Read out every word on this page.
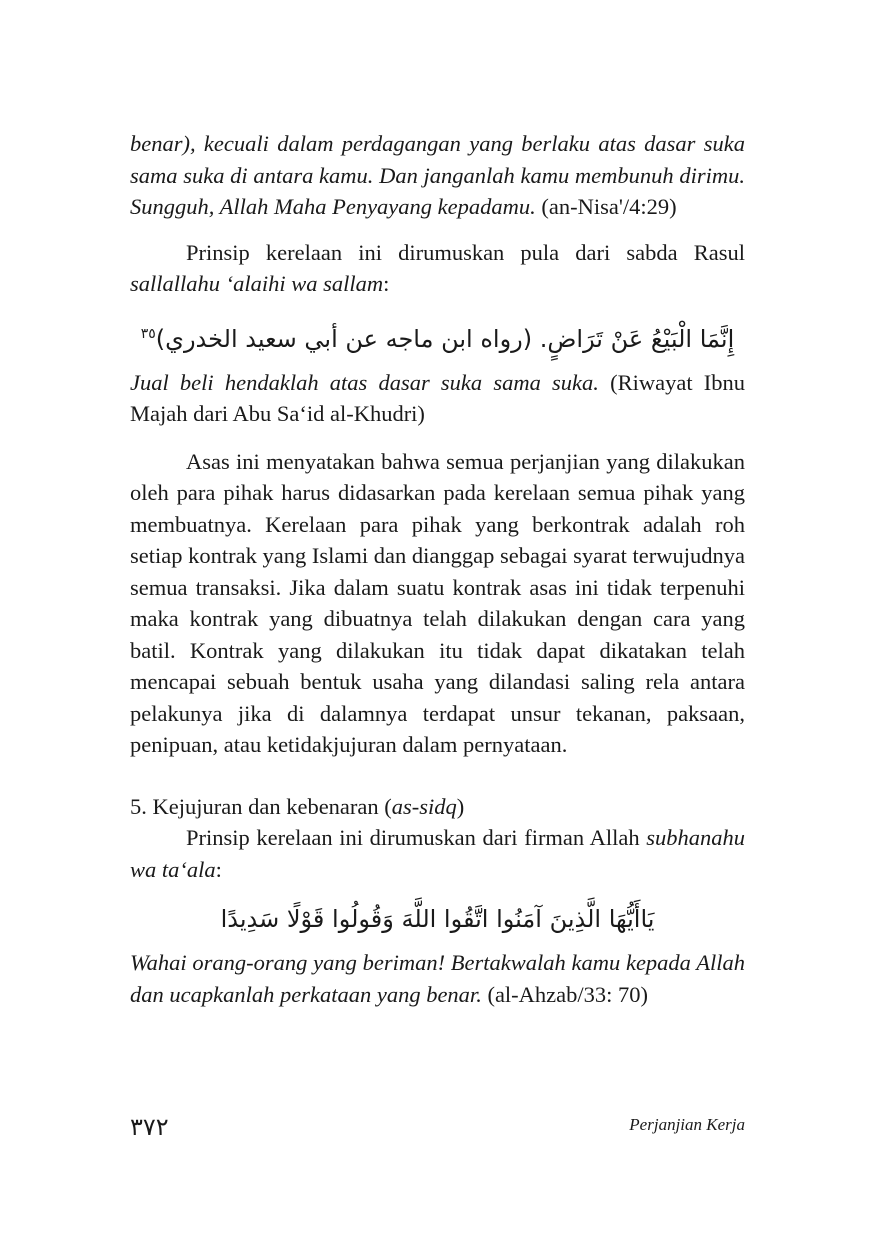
benar), kecuali dalam perdagangan yang berlaku atas dasar suka sama suka di antara kamu. Dan janganlah kamu membunuh dirimu. Sungguh, Allah Maha Penyayang kepadamu. (an-Nisa'/4:29)

Prinsip kerelaan ini dirumuskan pula dari sabda Rasul sallallahu ‘alaihi wa sallam:

إِنَّمَا الْبَيْعُ عَنْ تَرَاضٍ. (رواه ابن ماجه عن أبي سعيد الخدري)$^{٣٥}$

Jual beli hendaklah atas dasar suka sama suka. (Riwayat Ibnu Majah dari Abu Sa‘id al-Khudri)

Asas ini menyatakan bahwa semua perjanjian yang dilakukan oleh para pihak harus didasarkan pada kerelaan semua pihak yang membuatnya. Kerelaan para pihak yang berkontrak adalah roh setiap kontrak yang Islami dan dianggap sebagai syarat terwujudnya semua transaksi. Jika dalam suatu kontrak asas ini tidak terpenuhi maka kontrak yang dibuatnya telah dilakukan dengan cara yang batil. Kontrak yang dilakukan itu tidak dapat dikatakan telah mencapai sebuah bentuk usaha yang dilandasi saling rela antara pelakunya jika di dalamnya terdapat unsur tekanan, paksaan, penipuan, atau ketidakjujuran dalam pernyataan.

5. Kejujuran dan kebenaran (as-sidq)

Prinsip kerelaan ini dirumuskan dari firman Allah subhanahu wa ta‘ala:

يَاأَيُّهَا الَّذِينَ آمَنُوا اتَّقُوا اللَّهَ وَقُولُوا قَوْلًا سَدِيدًا

Wahai orang-orang yang beriman! Bertakwalah kamu kepada Allah dan ucapkanlah perkataan yang benar. (al-Ahzab/33: 70)

٣٧٢	Perjanjian Kerja
